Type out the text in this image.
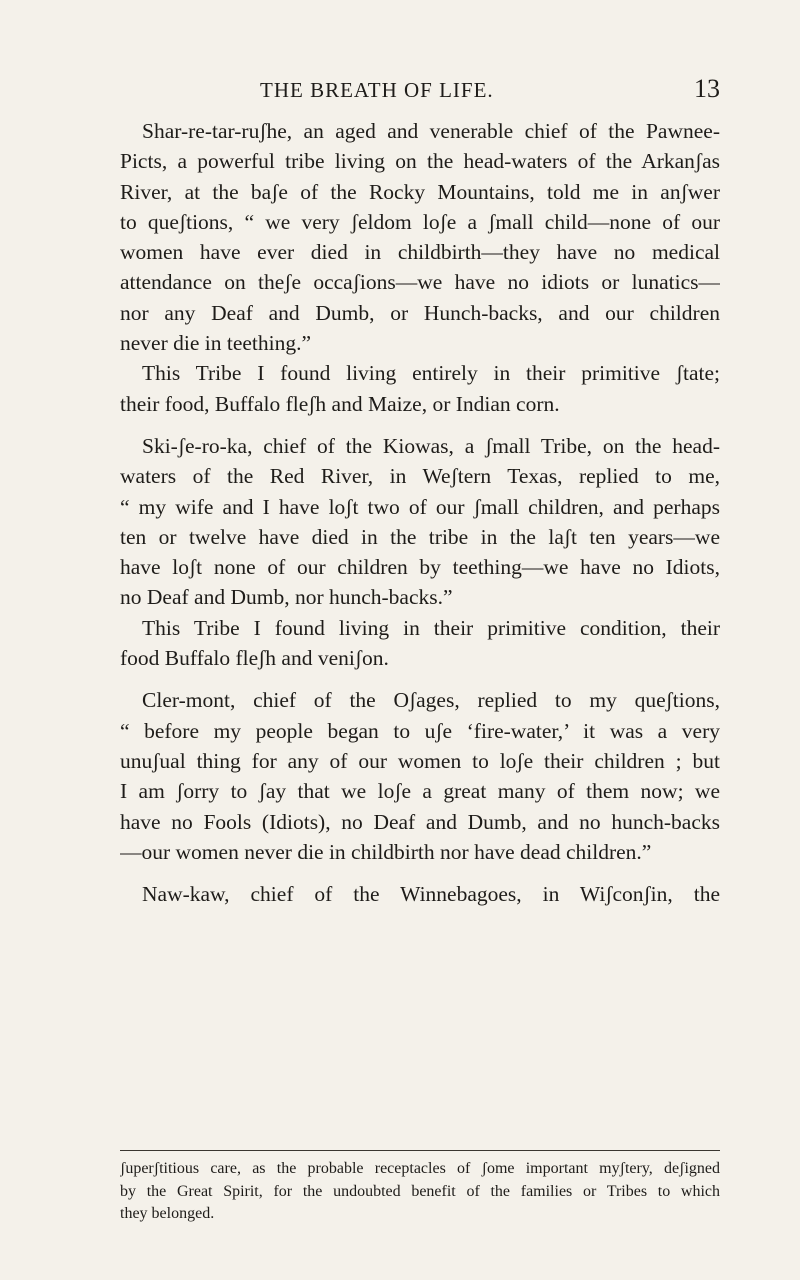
THE BREATH OF LIFE.	13
Shar-re-tar-ruʃhe, an aged and venerable chief of the Pawnee-
Picts, a powerful tribe living on the head-waters of the Arkanʃas
River, at the baʃe of the Rocky Mountains, told me in anʃwer
to queʃtions, “ we very ʃeldom loʃe a ʃmall child—none of our
women have ever died in childbirth—they have no medical
attendance on theʃe occaʃions—we have no idiots or lunatics—
nor any Deaf and Dumb, or Hunch-backs, and our children
never die in teething.”
This Tribe I found living entirely in their primitive ʃtate;
their food, Buffalo fleʃh and Maize, or Indian corn.
Ski-ʃe-ro-ka, chief of the Kiowas, a ʃmall Tribe, on the head-
waters of the Red River, in Weʃtern Texas, replied to me,
“ my wife and I have loʃt two of our ʃmall children, and perhaps
ten or twelve have died in the tribe in the laʃt ten years—we
have loʃt none of our children by teething—we have no Idiots,
no Deaf and Dumb, nor hunch-backs.”
This Tribe I found living in their primitive condition, their
food Buffalo fleʃh and veniʃon.
Cler-mont, chief of the Oʃages, replied to my queʃtions,
“ before my people began to uʃe ‘fire-water,’ it was a very
unuʃual thing for any of our women to loʃe their children ; but
I am ʃorry to ʃay that we loʃe a great many of them now; we
have no Fools (Idiots), no Deaf and Dumb, and no hunch-backs
—our women never die in childbirth nor have dead children.”
Naw-kaw, chief of the Winnebagoes, in Wiʃconʃin, the
ʃuperʃtitious care, as the probable receptacles of ʃome important myʃtery, deʃigned
by the Great Spirit, for the undoubted benefit of the families or Tribes to which
they belonged.
